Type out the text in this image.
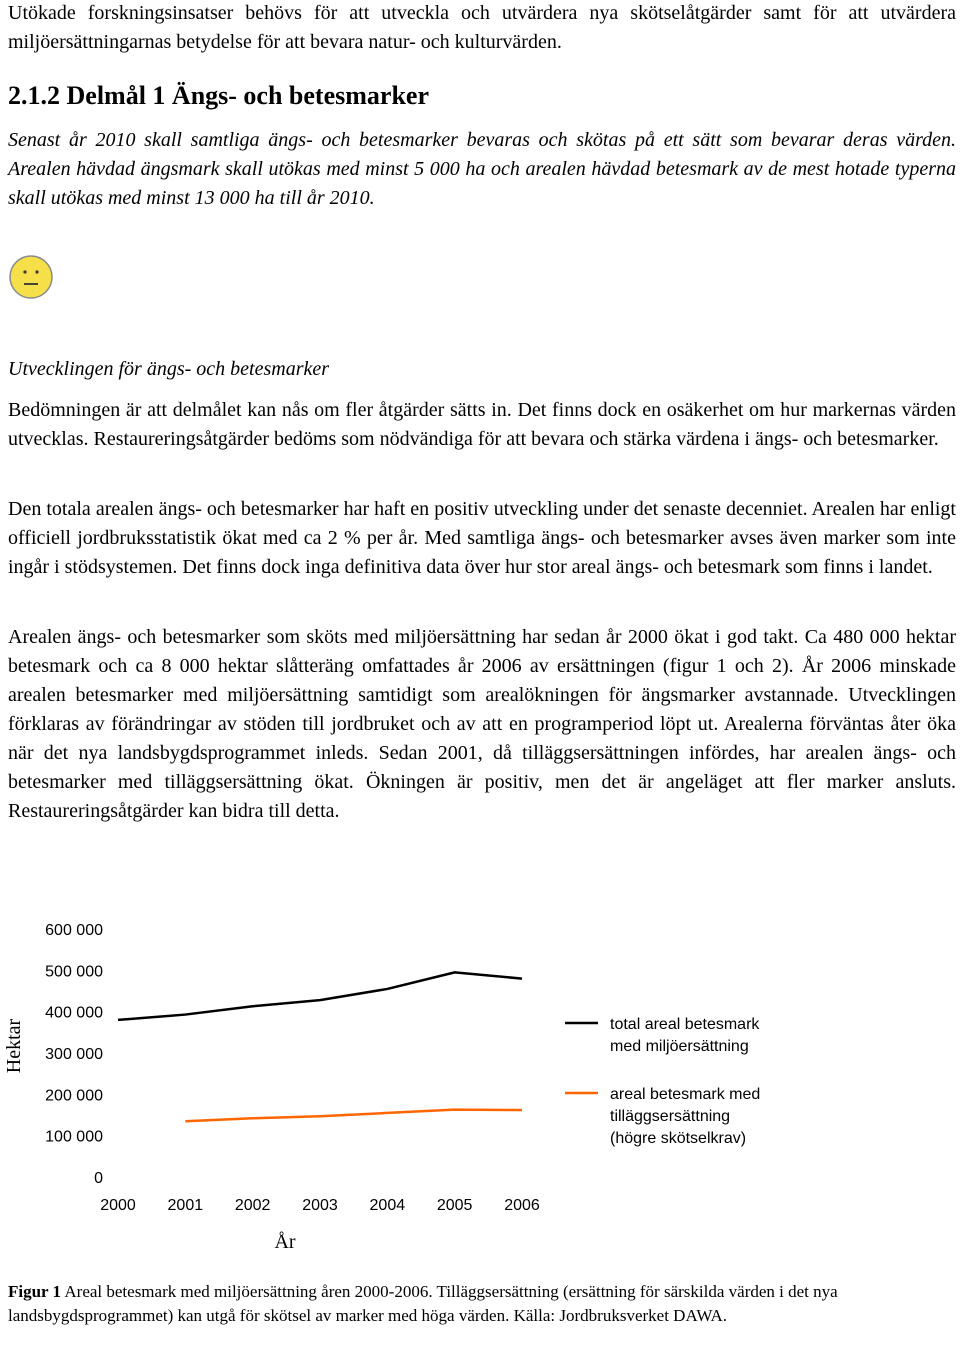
Utökade forskningsinsatser behövs för att utveckla och utvärdera nya skötselåtgärder samt för att utvärdera miljöersättningarnas betydelse för att bevara natur- och kulturvärden.

2.1.2 Delmål 1 Ängs- och betesmarker

Senast år 2010 skall samtliga ängs- och betesmarker bevaras och skötas på ett sätt som bevarar deras värden. Arealen hävdad ängsmark skall utökas med minst 5 000 ha och arealen hävdad betesmark av de mest hotade typerna skall utökas med minst 13 000 ha till år 2010.

Utvecklingen för ängs- och betesmarker

Bedömningen är att delmålet kan nås om fler åtgärder sätts in. Det finns dock en osäkerhet om hur markernas värden utvecklas. Restaureringsåtgärder bedöms som nödvändiga för att bevara och stärka värdena i ängs- och betesmarker.

Den totala arealen ängs- och betesmarker har haft en positiv utveckling under det senaste decenniet. Arealen har enligt officiell jordbruksstatistik ökat med ca 2 % per år. Med samtliga ängs- och betesmarker avses även marker som inte ingår i stödsystemen. Det finns dock inga definitiva data över hur stor areal ängs- och betesmark som finns i landet.

Arealen ängs- och betesmarker som sköts med miljöersättning har sedan år 2000 ökat i god takt. Ca 480 000 hektar betesmark och ca 8 000 hektar slåtteräng omfattades år 2006 av ersättningen (figur 1 och 2). År 2006 minskade arealen betesmarker med miljöersättning samtidigt som arealökningen för ängsmarker avstannade. Utvecklingen förklaras av förändringar av stöden till jordbruket och av att en programperiod löpt ut. Arealerna förväntas åter öka när det nya landsbygdsprogrammet inleds. Sedan 2001, då tilläggsersättningen infördes, har arealen ängs- och betesmarker med tilläggsersättning ökat. Ökningen är positiv, men det är angeläget att fler marker ansluts. Restaureringsåtgärder kan bidra till detta.

Figur 1 Areal betesmark med miljöersättning åren 2000-2006. Tilläggsersättning (ersättning för särskilda värden i det nya landsbygdsprogrammet) kan utgå för skötsel av marker med höga värden. Källa: Jordbruksverket DAWA.

0
100 000
200 000
300 000
400 000
500 000
600 000
2000 2001 2002 2003 2004 2005 2006
Hektar
År
total areal betesmark
med miljöersättning
areal betesmark med
tilläggsersättning
(högre skötselkrav)
